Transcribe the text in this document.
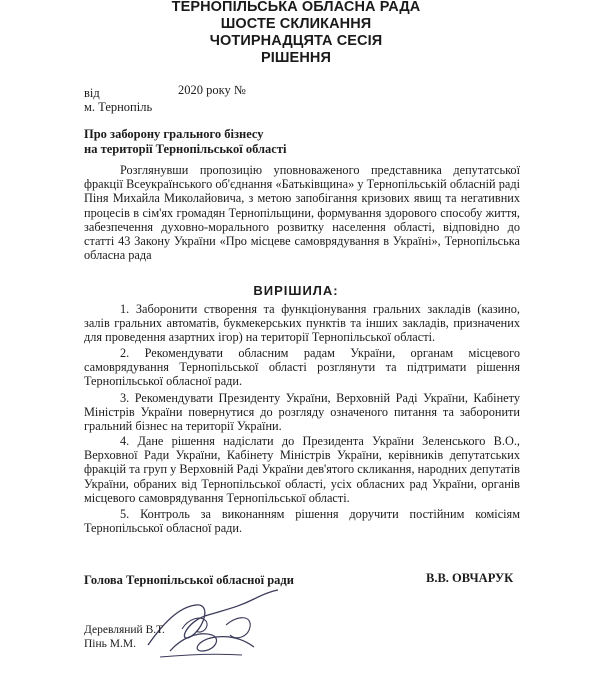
ТЕРНОПІЛЬСЬКА ОБЛАСНА РАДА
ШОСТЕ СКЛИКАННЯ
ЧОТИРНАДЦЯТА СЕСІЯ
РІШЕННЯ
від	2020 року №
м. Тернопіль
Про заборону грального бізнесу
на території Тернопільської області
Розглянувши пропозицію уповноваженого представника депутатської фракції Всеукраїнського об'єднання «Батьківщина» у Тернопільській обласній раді Піня Михайла Миколайовича, з метою запобігання кризових явищ та негативних процесів в сім'ях громадян Тернопільщини, формування здорового способу життя, забезпечення духовно-морального розвитку населення області, відповідно до статті 43 Закону України «Про місцеве самоврядування в Україні», Тернопільська обласна рада
ВИРІШИЛА:
1. Заборонити створення та функціонування гральних закладів (казино, залів гральних автоматів, букмекерських пунктів та інших закладів, призначених для проведення азартних ігор) на території Тернопільської області.
2. Рекомендувати обласним радам України, органам місцевого самоврядування Тернопільської області розглянути та підтримати рішення Тернопільської обласної ради.
3. Рекомендувати Президенту України, Верховній Раді України, Кабінету Міністрів України повернутися до розгляду означеного питання та заборонити гральний бізнес на території України.
4. Дане рішення надіслати до Президента України Зеленського В.О., Верховної Ради України, Кабінету Міністрів України, керівників депутатських фракцій та груп у Верховній Раді України дев'ятого скликання, народних депутатів України, обраних від Тернопільської області, усіх обласних рад України, органів місцевого самоврядування Тернопільської області.
5. Контроль за виконанням рішення доручити постійним комісіям Тернопільської обласної ради.
Голова Тернопільської обласної ради	В.В. ОВЧАРУК
Деревляний В.Т.
Пінь М.М.
